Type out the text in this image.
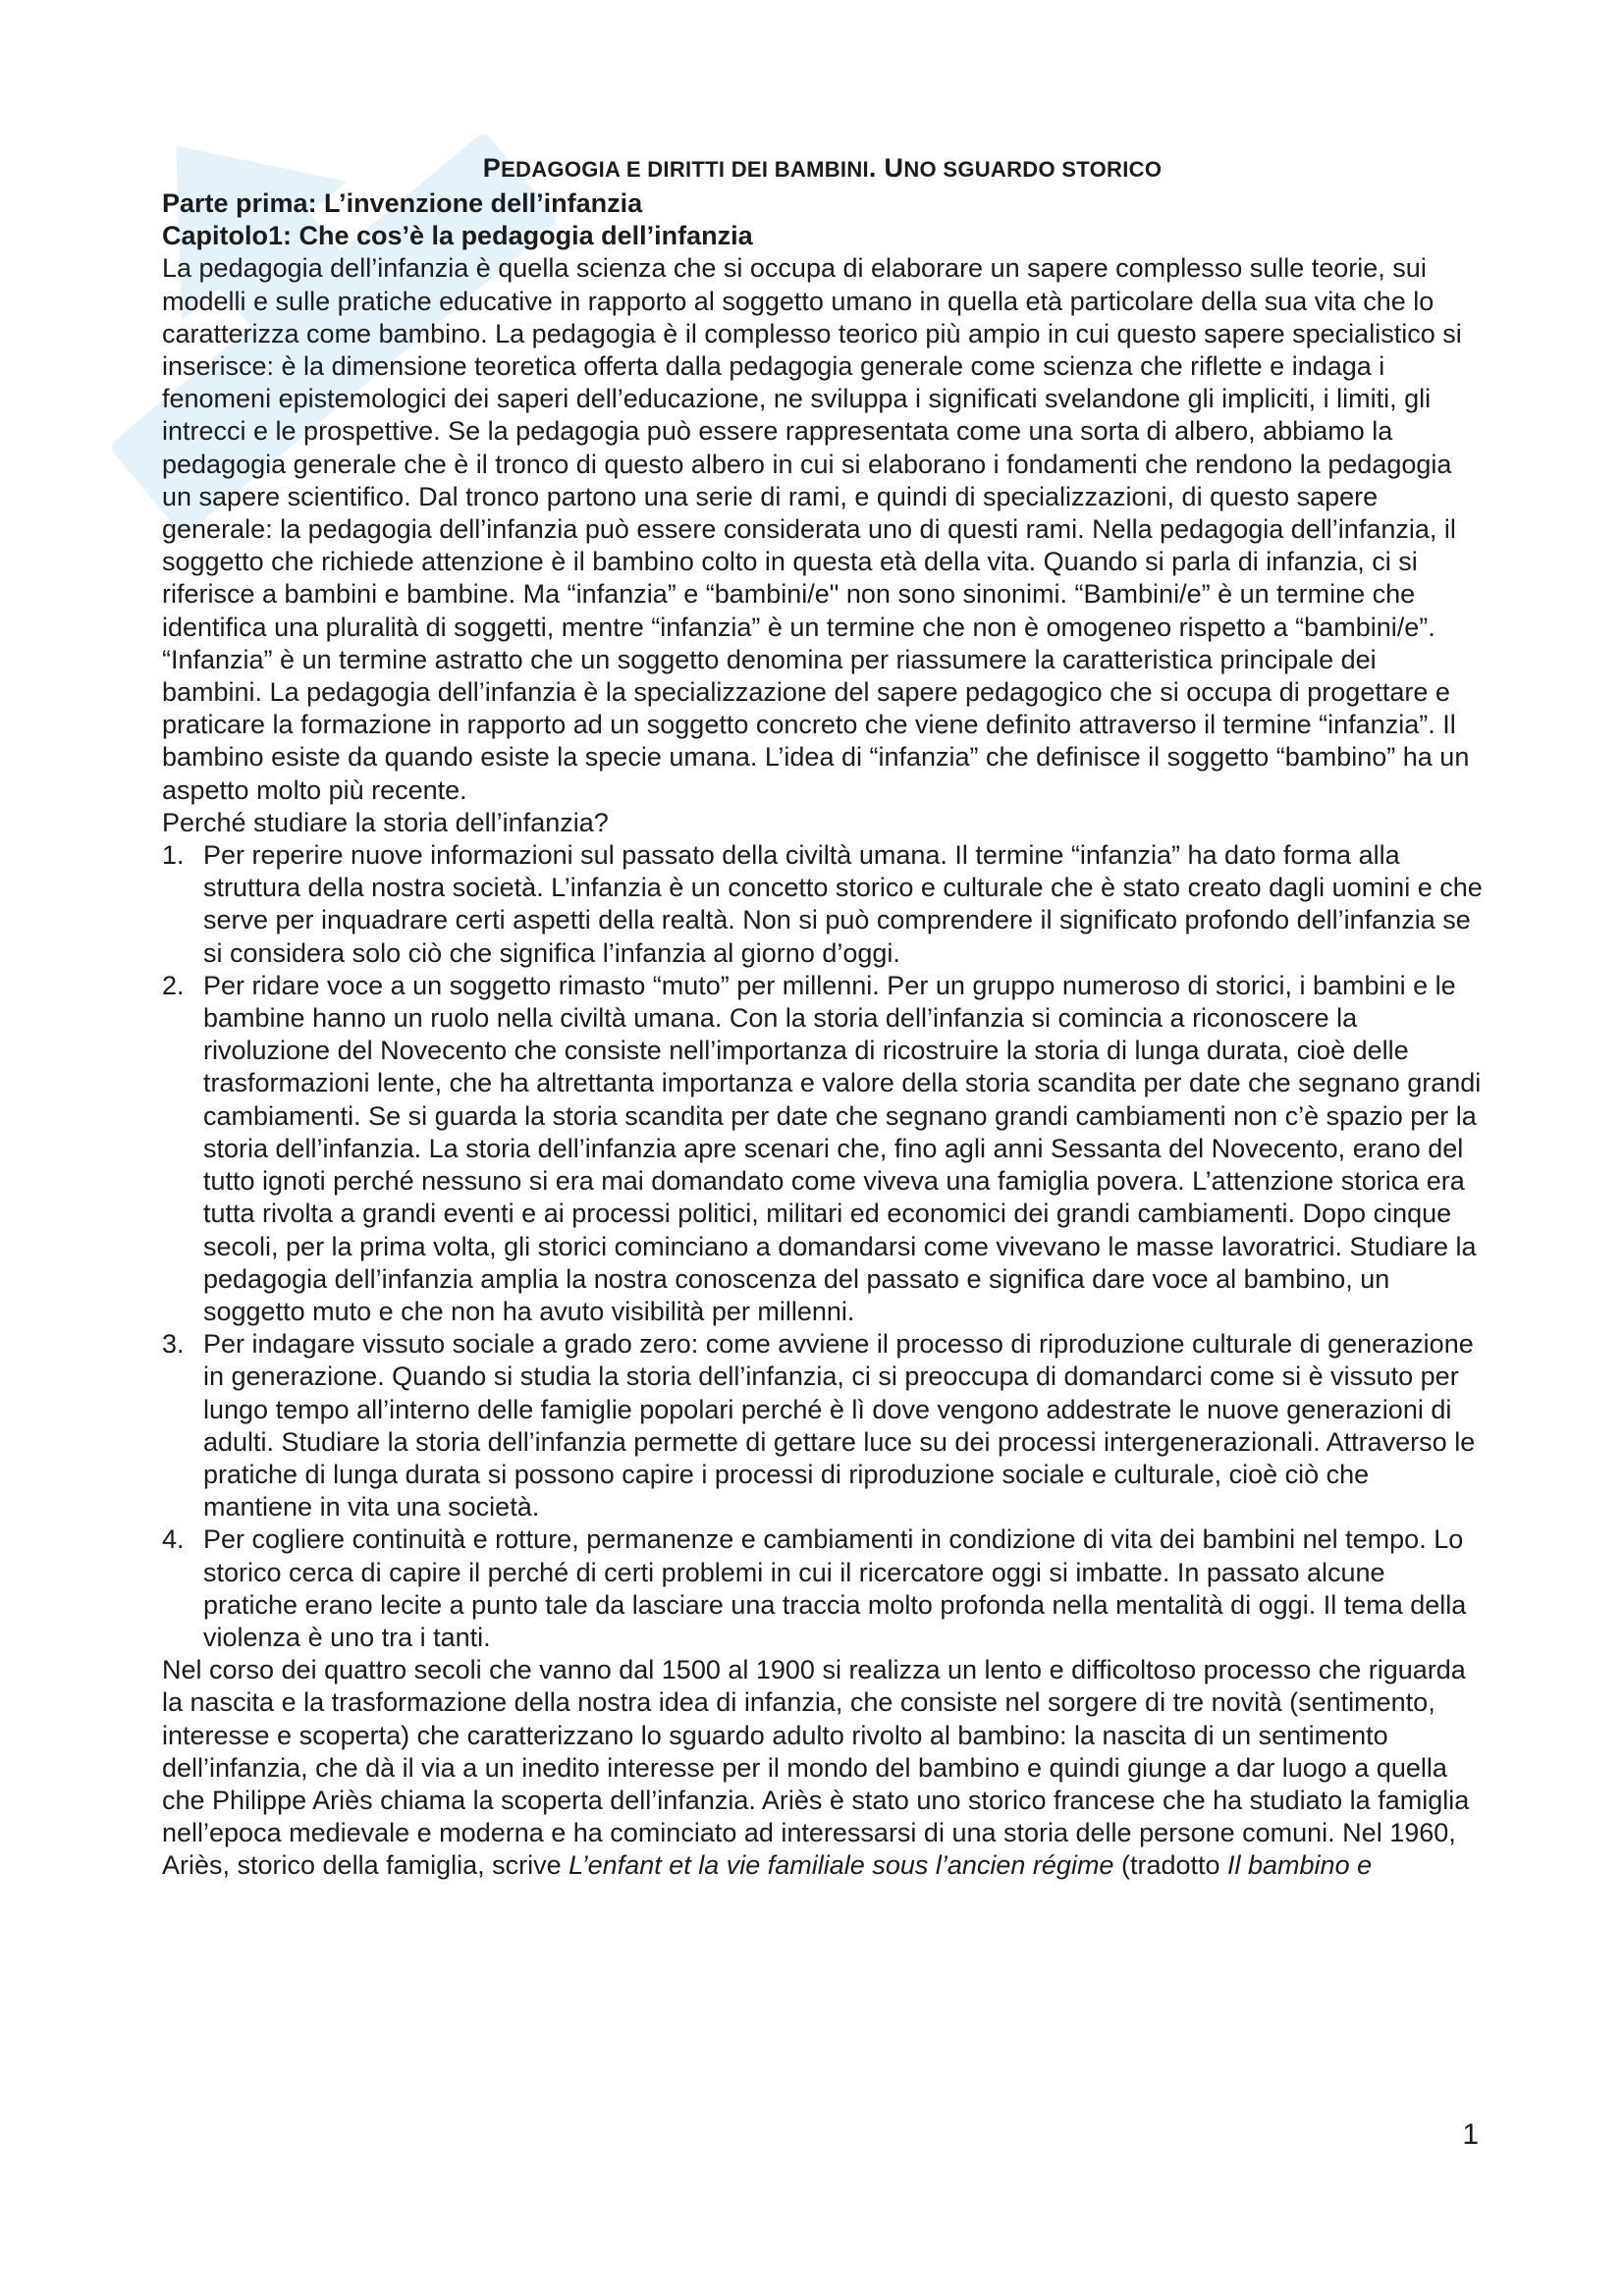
PEDAGOGIA E DIRITTI DEI BAMBINI. UNO SGUARDO STORICO
Parte prima: L’invenzione dell’infanzia
Capitolo1: Che cos’è la pedagogia dell’infanzia

La pedagogia dell’infanzia è quella scienza che si occupa di elaborare un sapere complesso sulle teorie, sui modelli e sulle pratiche educative in rapporto al soggetto umano in quella età particolare della sua vita che lo caratterizza come bambino. La pedagogia è il complesso teorico più ampio in cui questo sapere specialistico si inserisce: è la dimensione teoretica offerta dalla pedagogia generale come scienza che riflette e indaga i fenomeni epistemologici dei saperi dell’educazione, ne sviluppa i significati svelandone gli impliciti, i limiti, gli intrecci e le prospettive. Se la pedagogia può essere rappresentata come una sorta di albero, abbiamo la pedagogia generale che è il tronco di questo albero in cui si elaborano i fondamenti che rendono la pedagogia un sapere scientifico. Dal tronco partono una serie di rami, e quindi di specializzazioni, di questo sapere generale: la pedagogia dell’infanzia può essere considerata uno di questi rami. Nella pedagogia dell’infanzia, il soggetto che richiede attenzione è il bambino colto in questa età della vita. Quando si parla di infanzia, ci si riferisce a bambini e bambine. Ma “infanzia” e “bambini/e" non sono sinonimi. “Bambini/e” è un termine che identifica una pluralità di soggetti, mentre “infanzia” è un termine che non è omogeneo rispetto a “bambini/e”. “Infanzia” è un termine astratto che un soggetto denomina per riassumere la caratteristica principale dei bambini. La pedagogia dell’infanzia è la specializzazione del sapere pedagogico che si occupa di progettare e praticare la formazione in rapporto ad un soggetto concreto che viene definito attraverso il termine “infanzia”. Il bambino esiste da quando esiste la specie umana. L’idea di “infanzia” che definisce il soggetto “bambino” ha un aspetto molto più recente.

Perché studiare la storia dell’infanzia?

1. Per reperire nuove informazioni sul passato della civiltà umana. Il termine “infanzia” ha dato forma alla struttura della nostra società. L’infanzia è un concetto storico e culturale che è stato creato dagli uomini e che serve per inquadrare certi aspetti della realtà. Non si può comprendere il significato profondo dell’infanzia se si considera solo ciò che significa l’infanzia al giorno d’oggi.
2. Per ridare voce a un soggetto rimasto “muto” per millenni. Per un gruppo numeroso di storici, i bambini e le bambine hanno un ruolo nella civiltà umana. Con la storia dell’infanzia si comincia a riconoscere la rivoluzione del Novecento che consiste nell’importanza di ricostruire la storia di lunga durata, cioè delle trasformazioni lente, che ha altrettanta importanza e valore della storia scandita per date che segnano grandi cambiamenti. Se si guarda la storia scandita per date che segnano grandi cambiamenti non c’è spazio per la storia dell’infanzia. La storia dell’infanzia apre scenari che, fino agli anni Sessanta del Novecento, erano del tutto ignoti perché nessuno si era mai domandato come viveva una famiglia povera. L’attenzione storica era tutta rivolta a grandi eventi e ai processi politici, militari ed economici dei grandi cambiamenti. Dopo cinque secoli, per la prima volta, gli storici cominciano a domandarsi come vivevano le masse lavoratrici. Studiare la pedagogia dell’infanzia amplia la nostra conoscenza del passato e significa dare voce al bambino, un soggetto muto e che non ha avuto visibilità per millenni.
3. Per indagare vissuto sociale a grado zero: come avviene il processo di riproduzione culturale di generazione in generazione. Quando si studia la storia dell’infanzia, ci si preoccupa di domandarci come si è vissuto per lungo tempo all’interno delle famiglie popolari perché è lì dove vengono addestrate le nuove generazioni di adulti. Studiare la storia dell’infanzia permette di gettare luce su dei processi intergenerazionali. Attraverso le pratiche di lunga durata si possono capire i processi di riproduzione sociale e culturale, cioè ciò che mantiene in vita una società.
4. Per cogliere continuità e rotture, permanenze e cambiamenti in condizione di vita dei bambini nel tempo. Lo storico cerca di capire il perché di certi problemi in cui il ricercatore oggi si imbatte. In passato alcune pratiche erano lecite a punto tale da lasciare una traccia molto profonda nella mentalità di oggi. Il tema della violenza è uno tra i tanti.

Nel corso dei quattro secoli che vanno dal 1500 al 1900 si realizza un lento e difficoltoso processo che riguarda la nascita e la trasformazione della nostra idea di infanzia, che consiste nel sorgere di tre novità (sentimento, interesse e scoperta) che caratterizzano lo sguardo adulto rivolto al bambino: la nascita di un sentimento dell’infanzia, che dà il via a un inedito interesse per il mondo del bambino e quindi giunge a dar luogo a quella che Philippe Ariès chiama la scoperta dell’infanzia. Ariès è stato uno storico francese che ha studiato la famiglia nell’epoca medievale e moderna e ha cominciato ad interessarsi di una storia delle persone comuni. Nel 1960, Ariès, storico della famiglia, scrive L’enfant et la vie familiale sous l’ancien régime (tradotto Il bambino e

1
